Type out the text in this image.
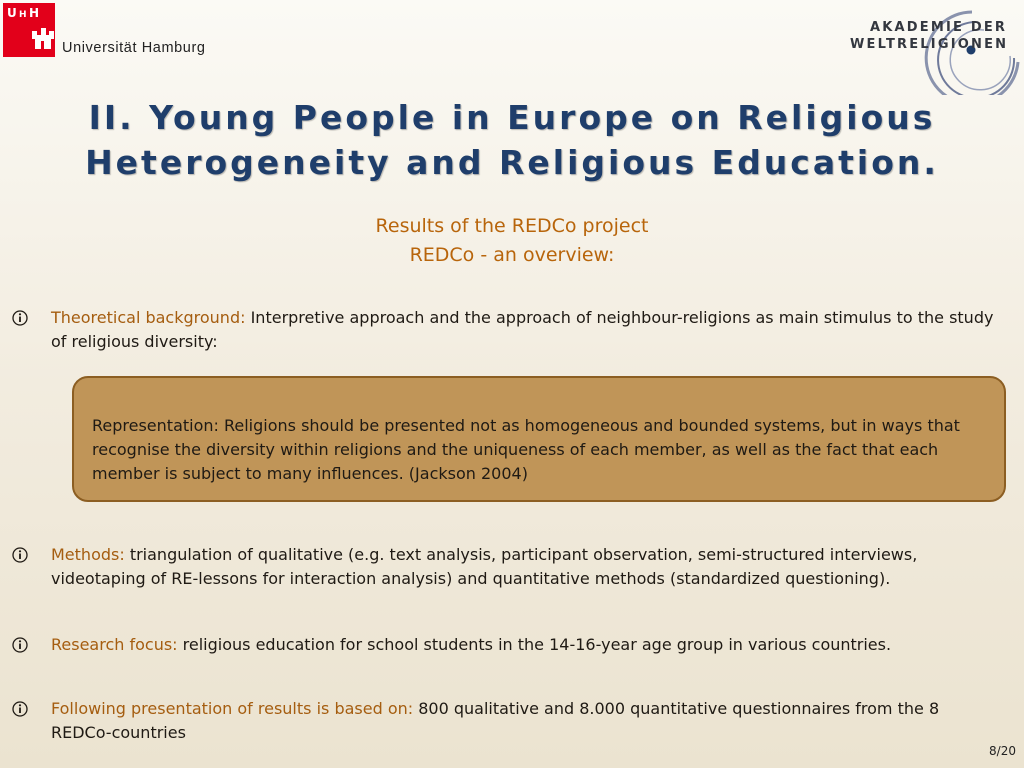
U H H
Universität Hamburg
AKADEMIE DER
WELTRELIGIONEN
II. Young People in Europe on Religious
Heterogeneity and Religious Education.
Results of the REDCo project
REDCo - an overview:
Theoretical background: Interpretive approach and the approach of neighbour-religions as main stimulus to the study of religious diversity:
Representation: Religions should be presented not as homogeneous and bounded systems, but in ways that recognise the diversity within religions and the uniqueness of each member, as well as the fact that each member is subject to many influences. (Jackson 2004)
Methods: triangulation of qualitative (e.g. text analysis, participant observation, semi-structured interviews, videotaping of RE-lessons for interaction analysis) and quantitative methods (standardized questioning).
Research focus: religious education for school students in the 14-16-year age group in various countries.
Following presentation of results is based on: 800 qualitative and 8.000 quantitative questionnaires from the 8 REDCo-countries
8/20
